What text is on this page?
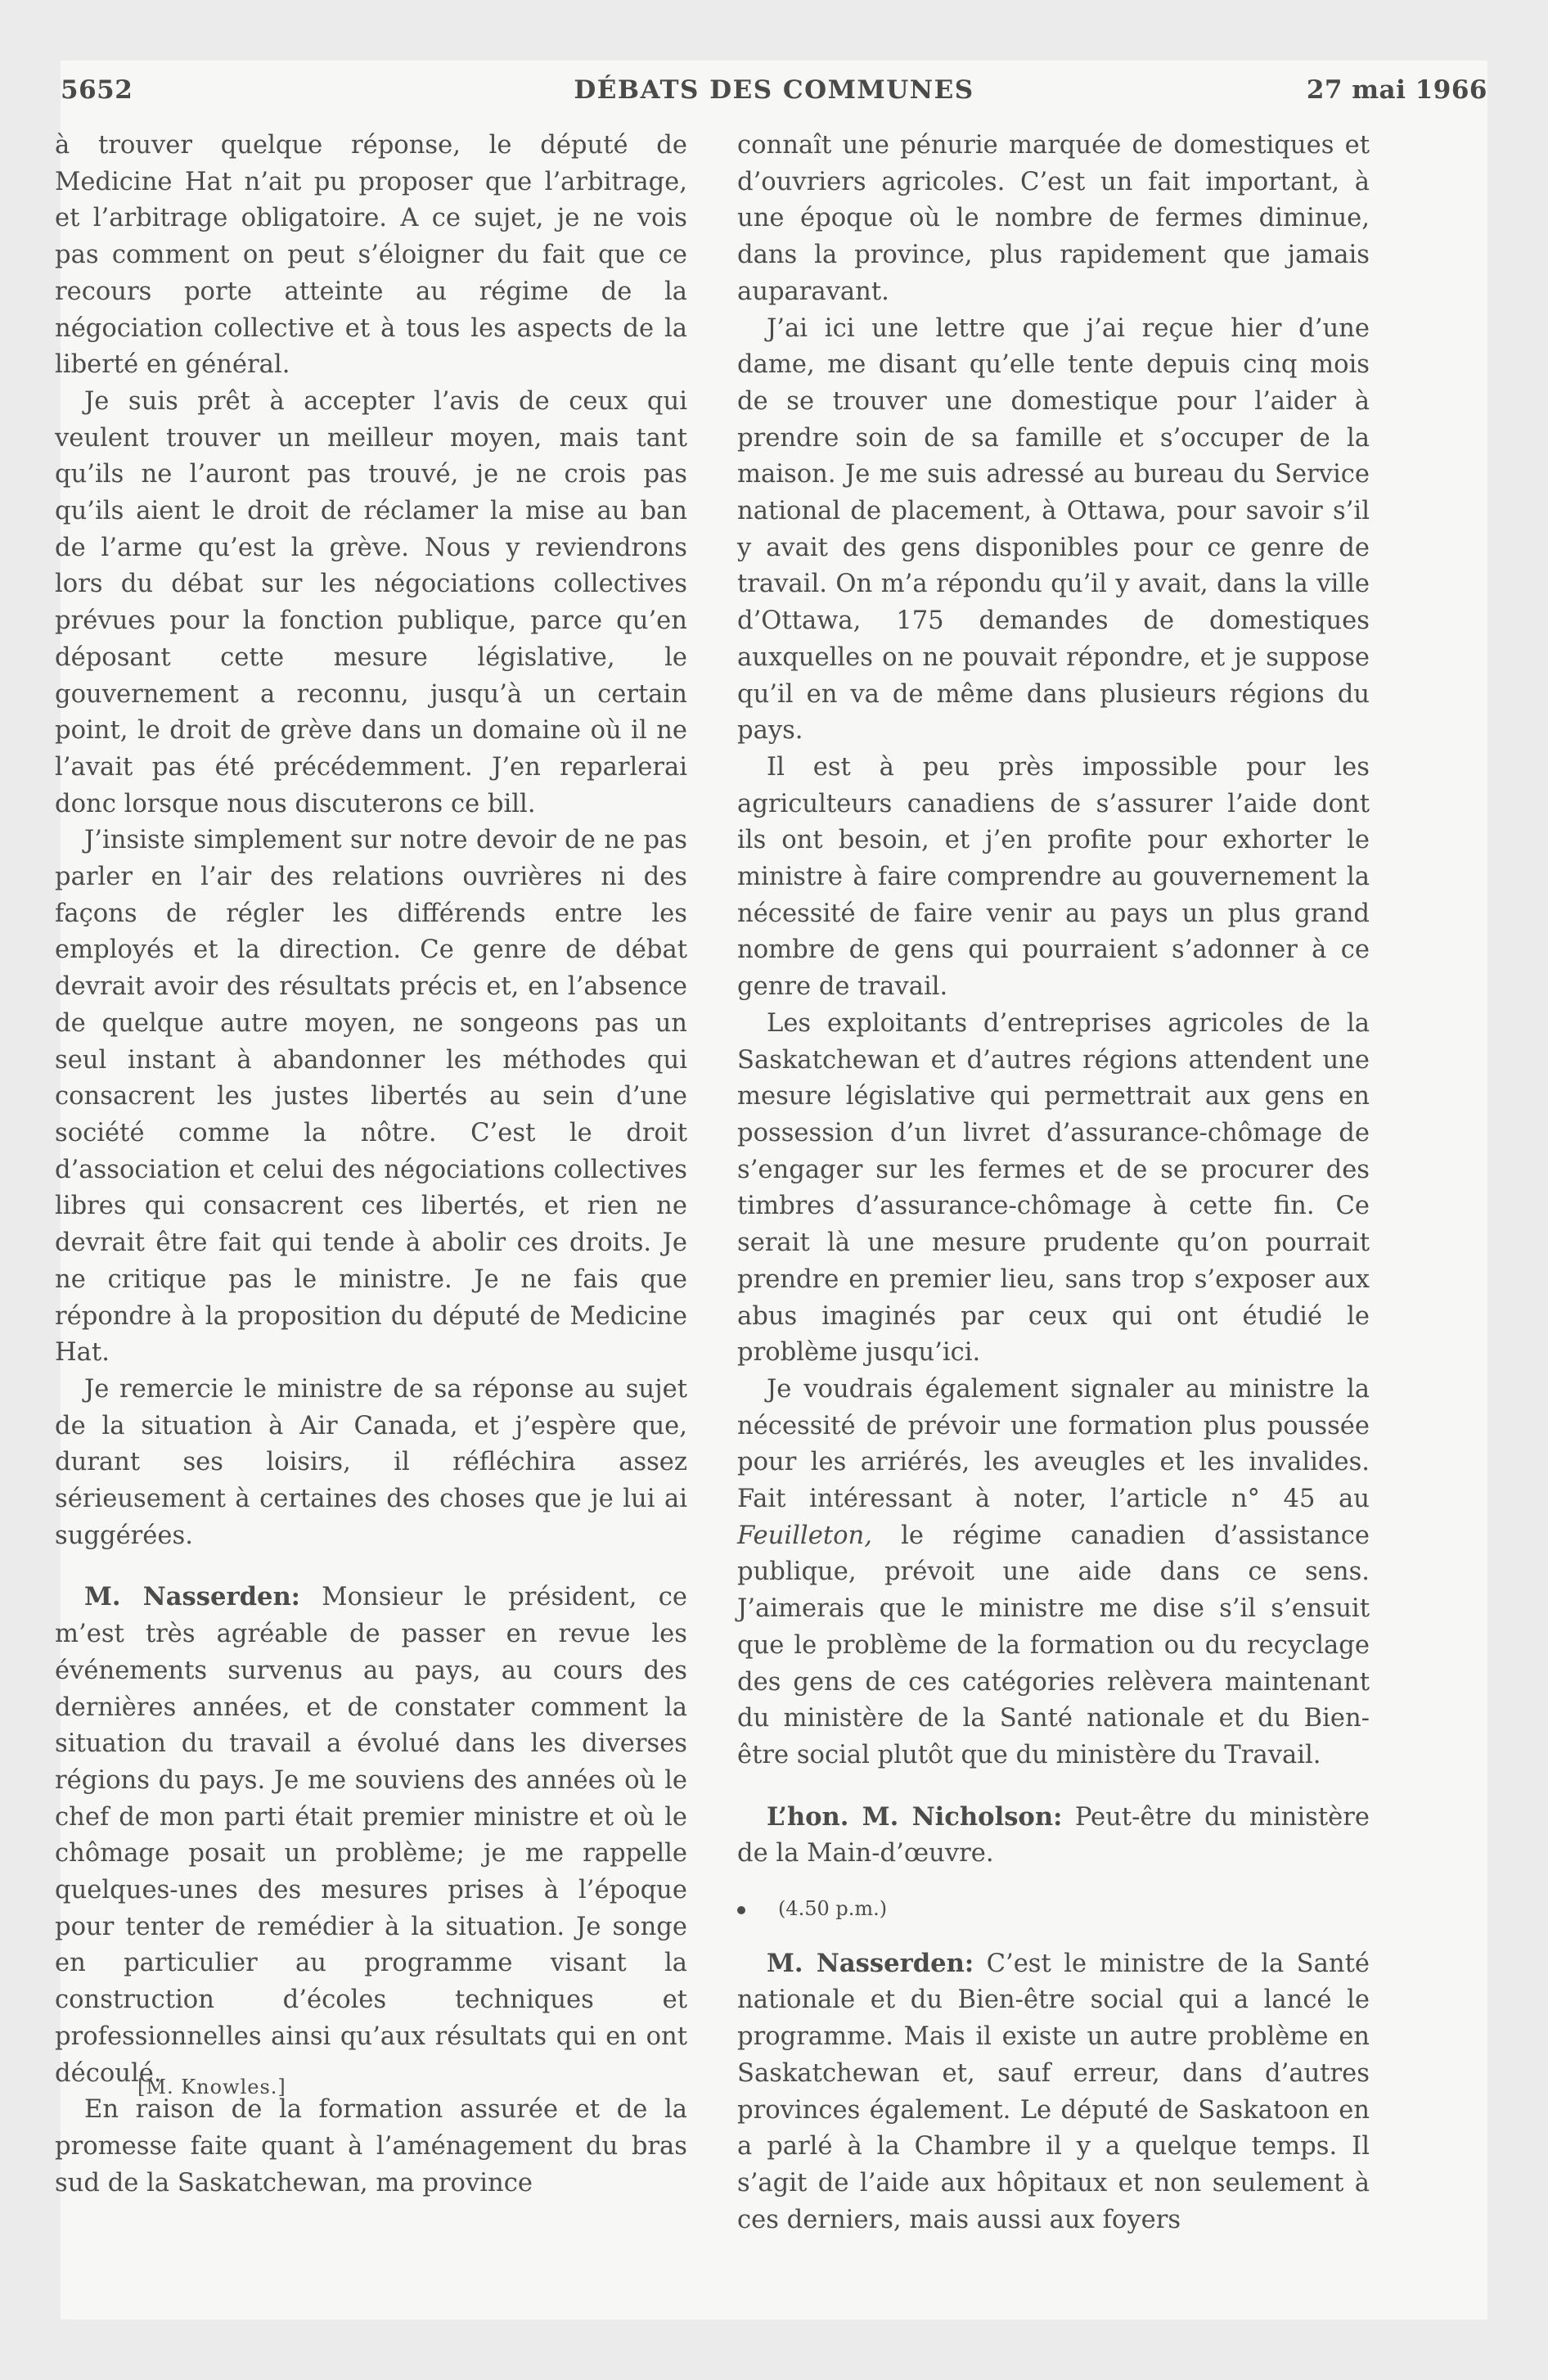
5652	DÉBATS DES COMMUNES	27 mai 1966

à trouver quelque réponse, le député de Medicine Hat n’ait pu proposer que l’arbitrage, et l’arbitrage obligatoire. A ce sujet, je ne vois pas comment on peut s’éloigner du fait que ce recours porte atteinte au régime de la négociation collective et à tous les aspects de la liberté en général.

Je suis prêt à accepter l’avis de ceux qui veulent trouver un meilleur moyen, mais tant qu’ils ne l’auront pas trouvé, je ne crois pas qu’ils aient le droit de réclamer la mise au ban de l’arme qu’est la grève. Nous y reviendrons lors du débat sur les négociations collectives prévues pour la fonction publique, parce qu’en déposant cette mesure législative, le gouvernement a reconnu, jusqu’à un certain point, le droit de grève dans un domaine où il ne l’avait pas été précédemment. J’en reparlerai donc lorsque nous discuterons ce bill.

J’insiste simplement sur notre devoir de ne pas parler en l’air des relations ouvrières ni des façons de régler les différends entre les employés et la direction. Ce genre de débat devrait avoir des résultats précis et, en l’absence de quelque autre moyen, ne songeons pas un seul instant à abandonner les méthodes qui consacrent les justes libertés au sein d’une société comme la nôtre. C’est le droit d’association et celui des négociations collectives libres qui consacrent ces libertés, et rien ne devrait être fait qui tende à abolir ces droits. Je ne critique pas le ministre. Je ne fais que répondre à la proposition du député de Medicine Hat.

Je remercie le ministre de sa réponse au sujet de la situation à Air Canada, et j’espère que, durant ses loisirs, il réfléchira assez sérieusement à certaines des choses que je lui ai suggérées.

M. Nasserden: Monsieur le président, ce m’est très agréable de passer en revue les événements survenus au pays, au cours des dernières années, et de constater comment la situation du travail a évolué dans les diverses régions du pays. Je me souviens des années où le chef de mon parti était premier ministre et où le chômage posait un problème; je me rappelle quelques-unes des mesures prises à l’époque pour tenter de remédier à la situation. Je songe en particulier au programme visant la construction d’écoles techniques et professionnelles ainsi qu’aux résultats qui en ont découlé.

En raison de la formation assurée et de la promesse faite quant à l’aménagement du bras sud de la Saskatchewan, ma province

connaît une pénurie marquée de domestiques et d’ouvriers agricoles. C’est un fait important, à une époque où le nombre de fermes diminue, dans la province, plus rapidement que jamais auparavant.

J’ai ici une lettre que j’ai reçue hier d’une dame, me disant qu’elle tente depuis cinq mois de se trouver une domestique pour l’aider à prendre soin de sa famille et s’occuper de la maison. Je me suis adressé au bureau du Service national de placement, à Ottawa, pour savoir s’il y avait des gens disponibles pour ce genre de travail. On m’a répondu qu’il y avait, dans la ville d’Ottawa, 175 demandes de domestiques auxquelles on ne pouvait répondre, et je suppose qu’il en va de même dans plusieurs régions du pays.

Il est à peu près impossible pour les agriculteurs canadiens de s’assurer l’aide dont ils ont besoin, et j’en profite pour exhorter le ministre à faire comprendre au gouvernement la nécessité de faire venir au pays un plus grand nombre de gens qui pourraient s’adonner à ce genre de travail.

Les exploitants d’entreprises agricoles de la Saskatchewan et d’autres régions attendent une mesure législative qui permettrait aux gens en possession d’un livret d’assurance-chômage de s’engager sur les fermes et de se procurer des timbres d’assurance-chômage à cette fin. Ce serait là une mesure prudente qu’on pourrait prendre en premier lieu, sans trop s’exposer aux abus imaginés par ceux qui ont étudié le problème jusqu’ici.

Je voudrais également signaler au ministre la nécessité de prévoir une formation plus poussée pour les arriérés, les aveugles et les invalides. Fait intéressant à noter, l’article n° 45 au Feuilleton, le régime canadien d’assistance publique, prévoit une aide dans ce sens. J’aimerais que le ministre me dise s’il s’ensuit que le problème de la formation ou du recyclage des gens de ces catégories relèvera maintenant du ministère de la Santé nationale et du Bien-être social plutôt que du ministère du Travail.

L’hon. M. Nicholson: Peut-être du ministère de la Main-d’œuvre.

(4.50 p.m.)

M. Nasserden: C’est le ministre de la Santé nationale et du Bien-être social qui a lancé le programme. Mais il existe un autre problème en Saskatchewan et, sauf erreur, dans d’autres provinces également. Le député de Saskatoon en a parlé à la Chambre il y a quelque temps. Il s’agit de l’aide aux hôpitaux et non seulement à ces derniers, mais aussi aux foyers

[M. Knowles.]
